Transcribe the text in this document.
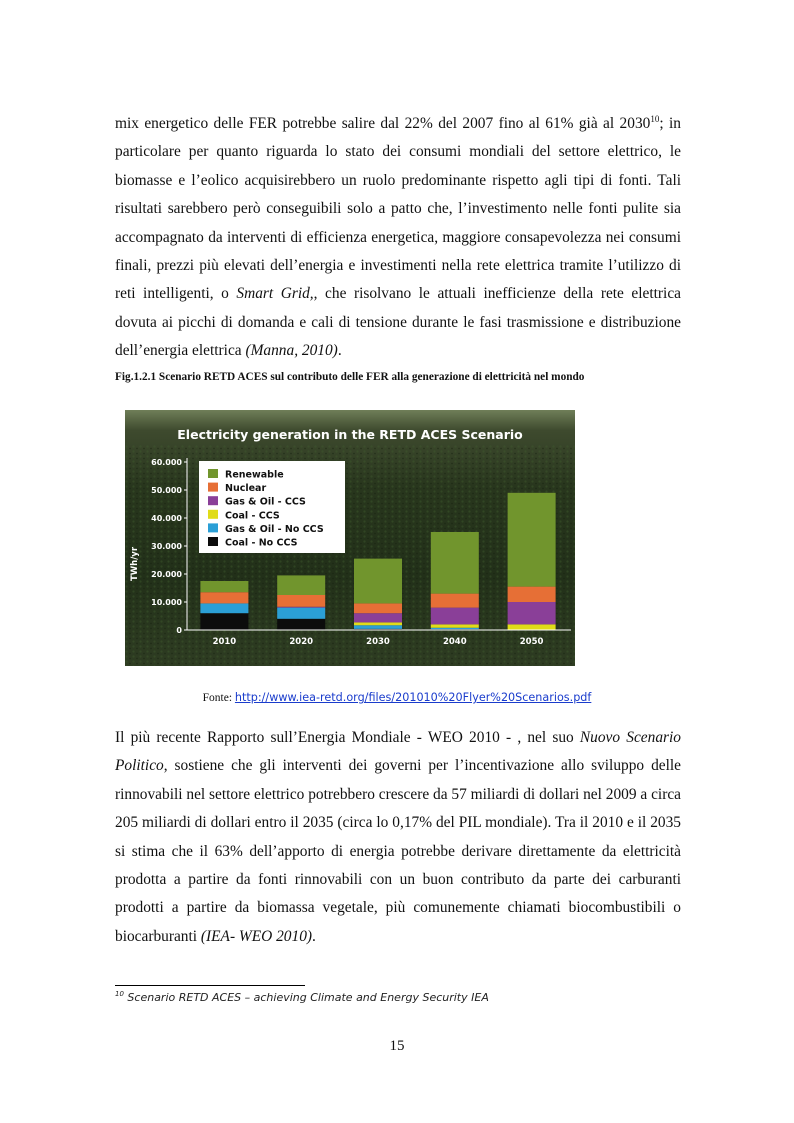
mix energetico delle FER potrebbe salire dal 22% del 2007 fino al 61% già al 2030$^{10}$; in particolare per quanto riguarda lo stato dei consumi mondiali del settore elettrico, le biomasse e l’eolico acquisirebbero un ruolo predominante rispetto agli tipi di fonti. Tali risultati sarebbero però conseguibili solo a patto che, l’investimento nelle fonti pulite sia accompagnato da interventi di efficienza energetica, maggiore consapevolezza nei consumi finali, prezzi più elevati dell’energia e investimenti nella rete elettrica tramite l’utilizzo di reti intelligenti, o Smart Grid,, che risolvano le attuali inefficienze della rete elettrica dovuta ai picchi di domanda e cali di tensione durante le fasi trasmissione e distribuzione dell’energia elettrica (Manna, 2010).

Fig.1.2.1 Scenario RETD ACES sul contributo delle FER alla generazione di elettricità nel mondo
Electricity generation in the RETD ACES Scenario
0
10.000
20.000
30.000
40.000
50.000
60.000
2010	2020	2030	2040	2050
Renewable
Nuclear
Gas & Oil - CCS
Coal - CCS
Gas & Oil - No CCS
Coal - No CCS
TWh/yr
Fonte: http://www.iea-retd.org/files/201010%20Flyer%20Scenarios.pdf

Il più recente Rapporto sull’Energia Mondiale - WEO 2010 - , nel suo Nuovo Scenario Politico, sostiene che gli interventi dei governi per l’incentivazione allo sviluppo delle rinnovabili nel settore elettrico potrebbero crescere da 57 miliardi di dollari nel 2009 a circa 205 miliardi di dollari entro il 2035 (circa lo 0,17% del PIL mondiale). Tra il 2010 e il 2035 si stima che il 63% dell’apporto di energia potrebbe derivare direttamente da elettricità prodotta a partire da fonti rinnovabili con un buon contributo da parte dei carburanti prodotti a partire da biomassa vegetale, più comunemente chiamati biocombustibili o biocarburanti (IEA- WEO 2010).

$^{10}$ Scenario RETD ACES – achieving Climate and Energy Security IEA
15
